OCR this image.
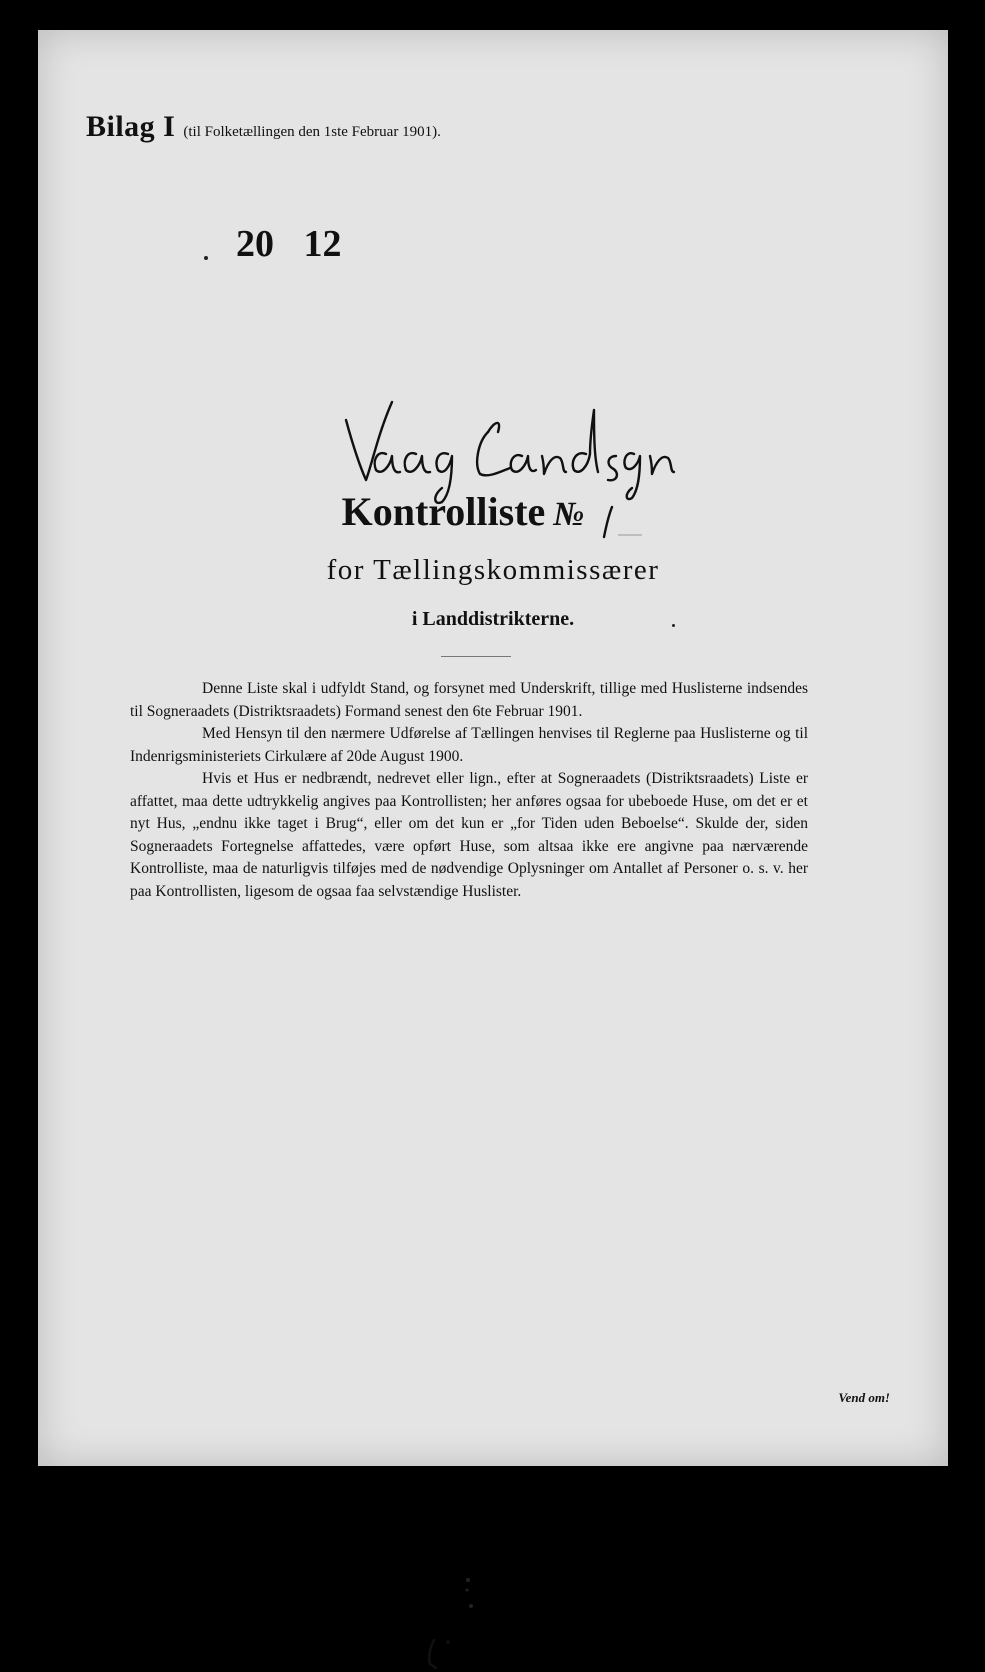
Bilag I (til Folketællingen den 1ste Februar 1901).
20 12
Kontrolliste №
for Tællingskommissærer
i Landdistrikterne.

Denne Liste skal i udfyldt Stand, og forsynet med Underskrift, tillige med Huslisterne indsendes til Sogneraadets (Distriktsraadets) Formand senest den 6te Februar 1901.

Med Hensyn til den nærmere Udførelse af Tællingen henvises til Reglerne paa Huslisterne og til Indenrigsministeriets Cirkulære af 20de August 1900.

Hvis et Hus er nedbrændt, nedrevet eller lign., efter at Sogneraadets (Distriktsraadets) Liste er affattet, maa dette udtrykkelig angives paa Kontrollisten; her anføres ogsaa for ubeboede Huse, om det er et nyt Hus, „endnu ikke taget i Brug“, eller om det kun er „for Tiden uden Beboelse“. Skulde der, siden Sogneraadets Fortegnelse affattedes, være opført Huse, som altsaa ikke ere angivne paa nærværende Kontrolliste, maa de naturligvis tilføjes med de nødvendige Oplysninger om Antallet af Personer o. s. v. her paa Kontrollisten, ligesom de ogsaa faa selvstændige Huslister.

Vend om!
